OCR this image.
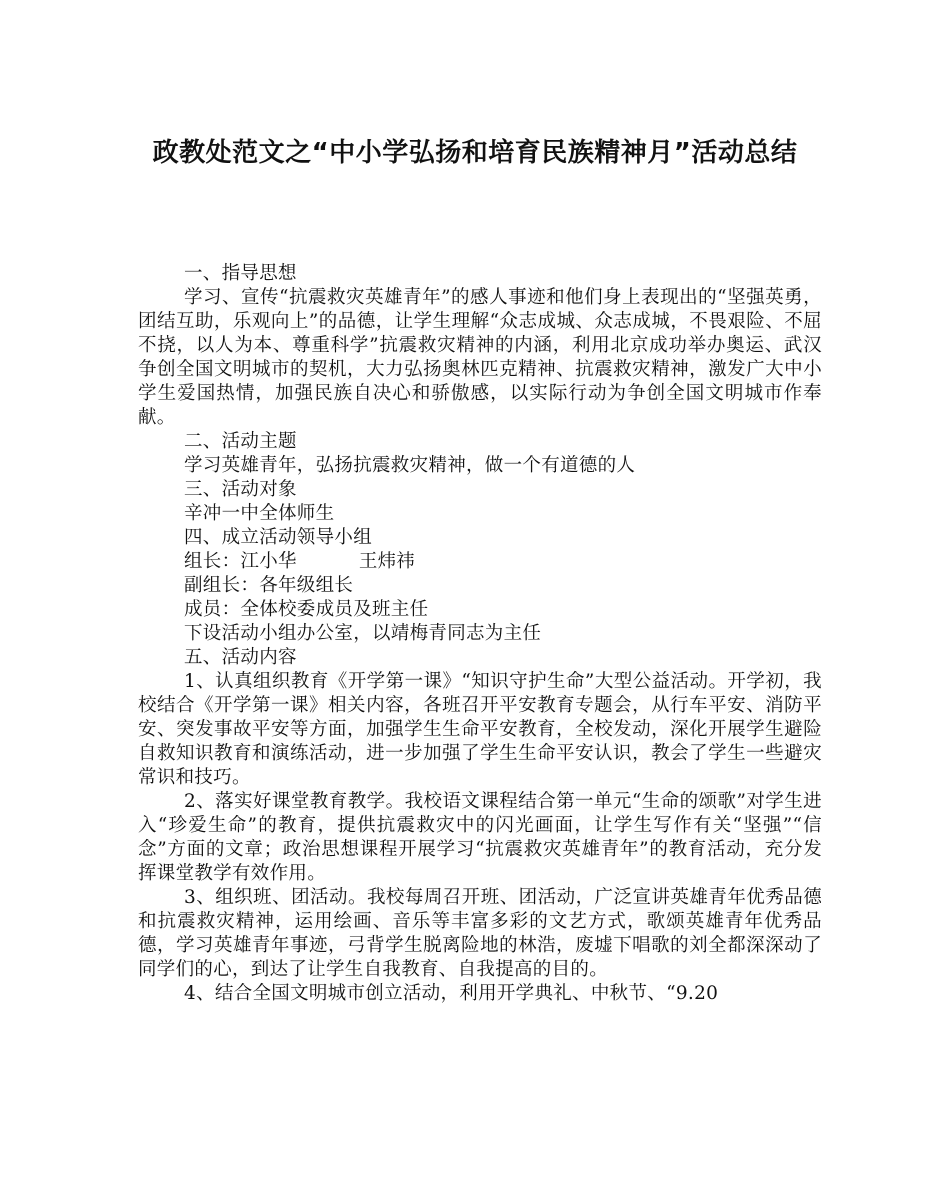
政教处范文之“中小学弘扬和培育民族精神月”活动总结

一、指导思想

学习、宣传“抗震救灾英雄青年”的感人事迹和他们身上表现出的“坚强英勇，团结互助，乐观向上”的品德，让学生理解“众志成城、众志成城，不畏艰险、不屈不挠，以人为本、尊重科学”抗震救灾精神的内涵，利用北京成功举办奥运、武汉争创全国文明城市的契机，大力弘扬奥林匹克精神、抗震救灾精神，激发广大中小学生爱国热情，加强民族自决心和骄傲感，以实际行动为争创全国文明城市作奉献。

二、活动主题

学习英雄青年，弘扬抗震救灾精神，做一个有道德的人

三、活动对象

辛冲一中全体师生

四、成立活动领导小组

组长：江小华	王炜祎

副组长：各年级组长

成员：全体校委成员及班主任

下设活动小组办公室，以靖梅青同志为主任

五、活动内容

1、认真组织教育《开学第一课》“知识守护生命”大型公益活动。开学初，我校结合《开学第一课》相关内容，各班召开平安教育专题会，从行车平安、消防平安、突发事故平安等方面，加强学生生命平安教育，全校发动，深化开展学生避险自救知识教育和演练活动，进一步加强了学生生命平安认识，教会了学生一些避灾常识和技巧。

2、落实好课堂教育教学。我校语文课程结合第一单元“生命的颂歌”对学生进入“珍爱生命”的教育，提供抗震救灾中的闪光画面，让学生写作有关“坚强”“信念”方面的文章；政治思想课程开展学习“抗震救灾英雄青年”的教育活动，充分发挥课堂教学有效作用。

3、组织班、团活动。我校每周召开班、团活动，广泛宣讲英雄青年优秀品德和抗震救灾精神，运用绘画、音乐等丰富多彩的文艺方式，歌颂英雄青年优秀品德，学习英雄青年事迹，弓背学生脱离险地的林浩，废墟下唱歌的刘全都深深动了同学们的心，到达了让学生自我教育、自我提高的目的。

4、结合全国文明城市创立活动，利用开学典礼、中秋节、“9.20
